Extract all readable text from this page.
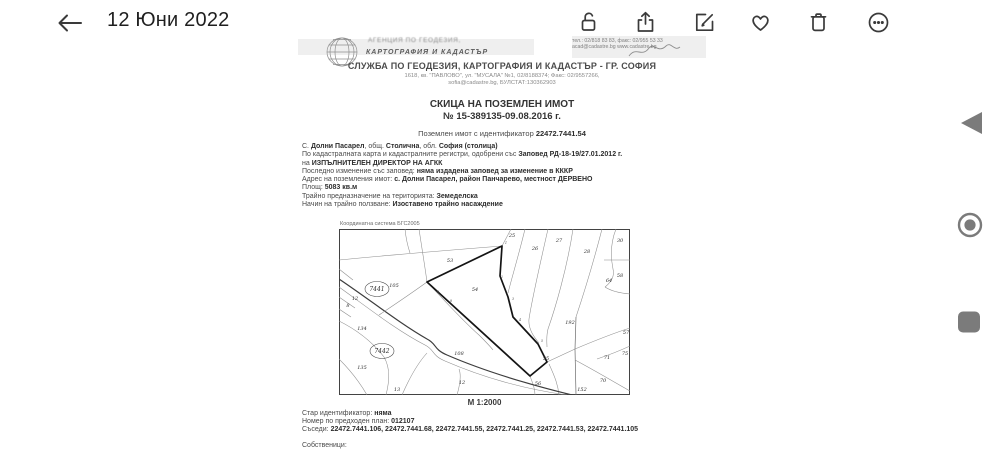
12 Юни 2022
АГЕНЦИЯ ПО ГЕОДЕЗИЯ,
КАРТОГРАФИЯ И КАДАСТЪР
тел.: 02/818 83 83, факс: 02/955 53 33
acad@cadastre.bg www.cadastre.bg
СЛУЖБА ПО ГЕОДЕЗИЯ, КАРТОГРАФИЯ И КАДАСТЪР - ГР. СОФИЯ
1618, кв. "ПАВЛОВО", ул. "МУСАЛА" №1, 02/8188374; Факс: 02/9557266,
sofia@cadastre.bg, БУЛСТАТ:130362903
СКИЦА НА ПОЗЕМЛЕН ИМОТ
№ 15-389135-09.08.2016 г.
Поземлен имот с идентификатор 22472.7441.54
С. Долни Пасарел, общ. Столична, обл. София (столица)
По кадастралната карта и кадастралните регистри, одобрени със Заповед РД-18-19/27.01.2012 г.
на ИЗПЪЛНИТЕЛЕН ДИРЕКТОР НА АГКК
Последно изменение със заповед: няма издадена заповед за изменение в КККР
Адрес на поземления имот: с. Долни Пасарел, район Панчарево, местност ДЕРВЕНО
Площ: 5083 кв.м
Трайно предназначение на територията: Земеделска
Начин на трайно ползване: Изоставено трайно насаждение
Координатна система БГС2005
25
26
27
28
30
58
64
53
105
54
12
8
134
135
13
12
108
55
56
192
57
71
75
70
152
1
2
3
4
5
9
8
7441
7442
М 1:2000
Стар идентификатор: няма
Номер по предходен план: 012107
Съседи: 22472.7441.106, 22472.7441.68, 22472.7441.55, 22472.7441.25, 22472.7441.53, 22472.7441.105
Собственици:
